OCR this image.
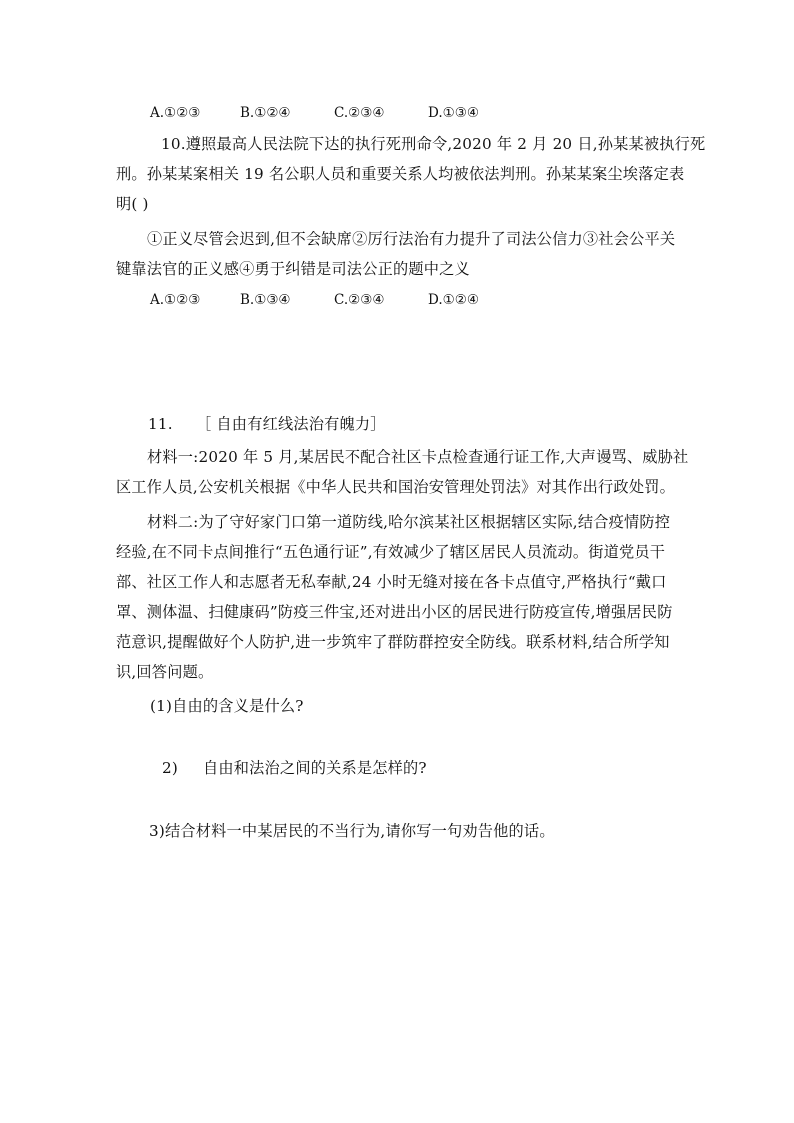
A.①②③	B.①②④	C.②③④	D.①③④
10.遵照最高人民法院下达的执行死刑命令,2020 年 2 月 20 日,孙某某被执行死
刑。孙某某案相关 19 名公职人员和重要关系人均被依法判刑。孙某某案尘埃落定表
明( )
①正义尽管会迟到,但不会缺席②厉行法治有力提升了司法公信力③社会公平关
键靠法官的正义感④勇于纠错是司法公正的题中之义
A.①②③	B.①③④	C.②③④	D.①②④
11. ［ 自由有红线法治有魄力］
材料一:2020 年 5 月,某居民不配合社区卡点检查通行证工作,大声谩骂、威胁社
区工作人员,公安机关根据《中华人民共和国治安管理处罚法》对其作出行政处罚。
材料二:为了守好家门口第一道防线,哈尔滨某社区根据辖区实际,结合疫情防控
经验,在不同卡点间推行“五色通行证”,有效减少了辖区居民人员流动。街道党员干
部、社区工作人和志愿者无私奉献,24 小时无缝对接在各卡点值守,严格执行“戴口
罩、测体温、扫健康码”防疫三件宝,还对进出小区的居民进行防疫宣传,增强居民防
范意识,提醒做好个人防护,进一步筑牢了群防群控安全防线。联系材料,结合所学知
识,回答问题。
(1)自由的含义是什么?
2) 自由和法治之间的关系是怎样的?
3)结合材料一中某居民的不当行为,请你写一句劝告他的话。
